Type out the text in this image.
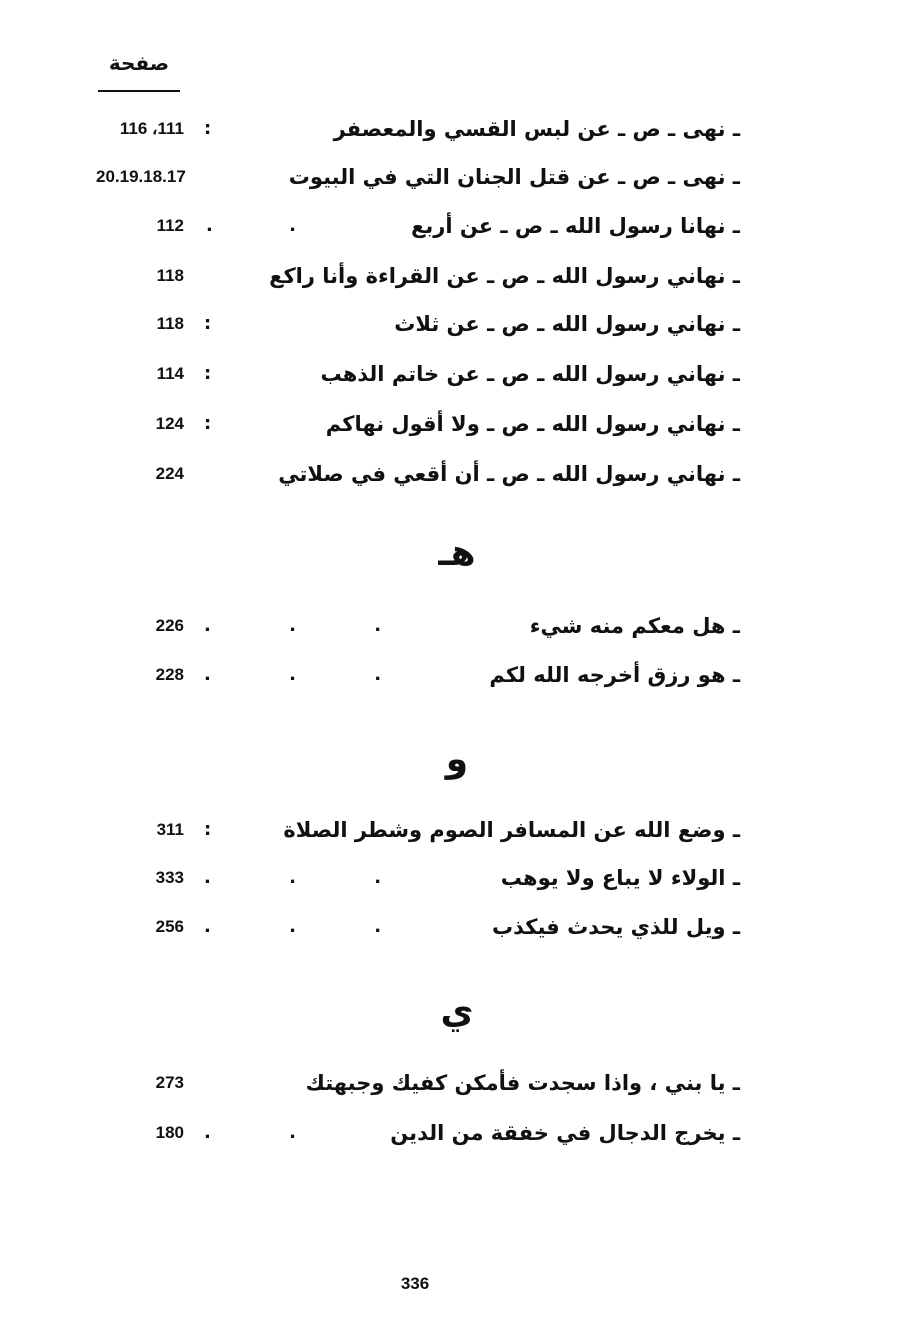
صفحة
ـ نهى ـ ص ـ عن لبس القسي والمعصفر
:
116 ،111
ـ نهى ـ ص ـ عن قتل الجنان التي في البيوت
20.19.18.17
ـ نهانا رسول الله ـ ص ـ عن أربع
. .
112
ـ نهاني رسول الله ـ ص ـ عن القراءة وأنا راكع
118
ـ نهاني رسول الله ـ ص ـ عن ثلاث
:
118
ـ نهاني رسول الله ـ ص ـ عن خاتم الذهب
:
114
ـ نهاني رسول الله ـ ص ـ ولا أقول نهاكم
:
124
ـ نهاني رسول الله ـ ص ـ أن أقعي في صلاتي
224
هـ
ـ هل معكم منه شيء
. . .
226
ـ هو رزق أخرجه الله لكم
. . .
228
و
ـ وضع الله عن المسافر الصوم وشطر الصلاة
:
311
ـ الولاء لا يباع ولا يوهب
. . .
333
ـ ويل للذي يحدث فيكذب
. . .
256
ي
ـ يا بني ، واذا سجدت فأمكن كفيك وجبهتك
273
ـ يخرج الدجال في خفقة من الدين
. .
180
336
